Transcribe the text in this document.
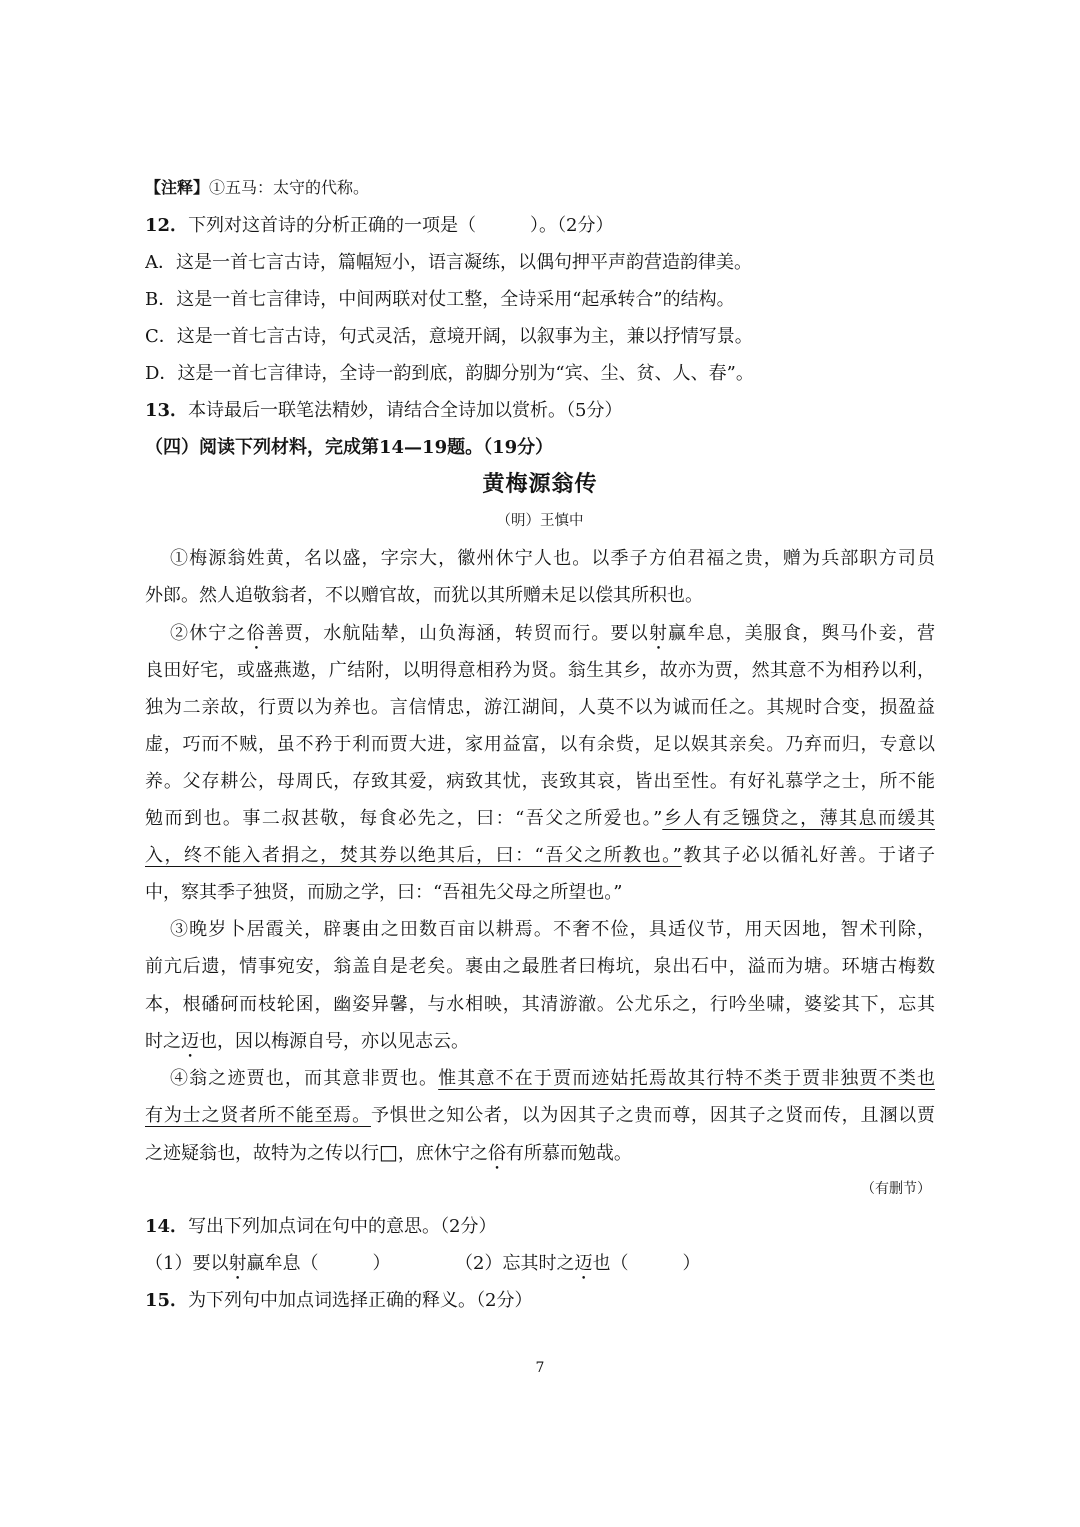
【注释】①五马：太守的代称。
12．下列对这首诗的分析正确的一项是（　　　）。（2分）
A．这是一首七言古诗，篇幅短小，语言凝练，以偶句押平声韵营造韵律美。
B．这是一首七言律诗，中间两联对仗工整，全诗采用“起承转合”的结构。
C．这是一首七言古诗，句式灵活，意境开阔，以叙事为主，兼以抒情写景。
D．这是一首七言律诗，全诗一韵到底，韵脚分别为“宾、尘、贫、人、春”。
13．本诗最后一联笔法精妙，请结合全诗加以赏析。（5分）
（四）阅读下列材料，完成第14—19题。（19分）
黄梅源翁传
（明）王慎中
①梅源翁姓黄，名以盛，字宗大，徽州休宁人也。以季子方伯君福之贵，赠为兵部职方司员
外郎。然人追敬翁者，不以赠官故，而犹以其所赠未足以偿其所积也。
②休宁之俗善贾，水航陆辇，山负海涵，转贸而行。要以射赢牟息，美服食，舆马仆妾，营
良田好宅，或盛燕遨，广结附，以明得意相矜为贤。翁生其乡，故亦为贾，然其意不为相矜以利，
独为二亲故，行贾以为养也。言信情忠，游江湖间，人莫不以为诚而任之。其规时合变，损盈益
虚，巧而不贼，虽不矜于利而贾大进，家用益富，以有余赀，足以娱其亲矣。乃弃而归，专意以
养。父存耕公，母周氏，存致其爱，病致其忧，丧致其哀，皆出至性。有好礼慕学之士，所不能
勉而到也。事二叔甚敬，每食必先之，曰：“吾父之所爱也。”乡人有乏镪贷之，薄其息而缓其
入，终不能入者捐之，焚其券以绝其后，曰：“吾父之所教也。”教其子必以循礼好善。于诸子
中，察其季子独贤，而励之学，曰：“吾祖先父母之所望也。”
③晚岁卜居霞关，辟裹由之田数百亩以耕焉。不奢不俭，具适仪节，用天因地，智术刊除，
前亢后遗，情事宛安，翁盖自是老矣。裹由之最胜者曰梅坑，泉出石中，溢而为塘。环塘古梅数
本，根磻砢而枝轮囷，幽姿异馨，与水相映，其清游澈。公尤乐之，行吟坐啸，婆娑其下，忘其
时之迈也，因以梅源自号，亦以见志云。
④翁之迹贾也，而其意非贾也。惟其意不在于贾而迹姑托焉故其行特不类于贾非独贾不类也
有为士之贤者所不能至焉。予惧世之知公者，以为因其子之贵而尊，因其子之贤而传，且溷以贾
之迹疑翁也，故特为之传以行□，庶休宁之俗有所慕而勉哉。
（有删节）
14．写出下列加点词在句中的意思。（2分）
（1）要以射赢牟息（　　　）	（2）忘其时之迈也（　　　）
15．为下列句中加点词选择正确的释义。（2分）
7
